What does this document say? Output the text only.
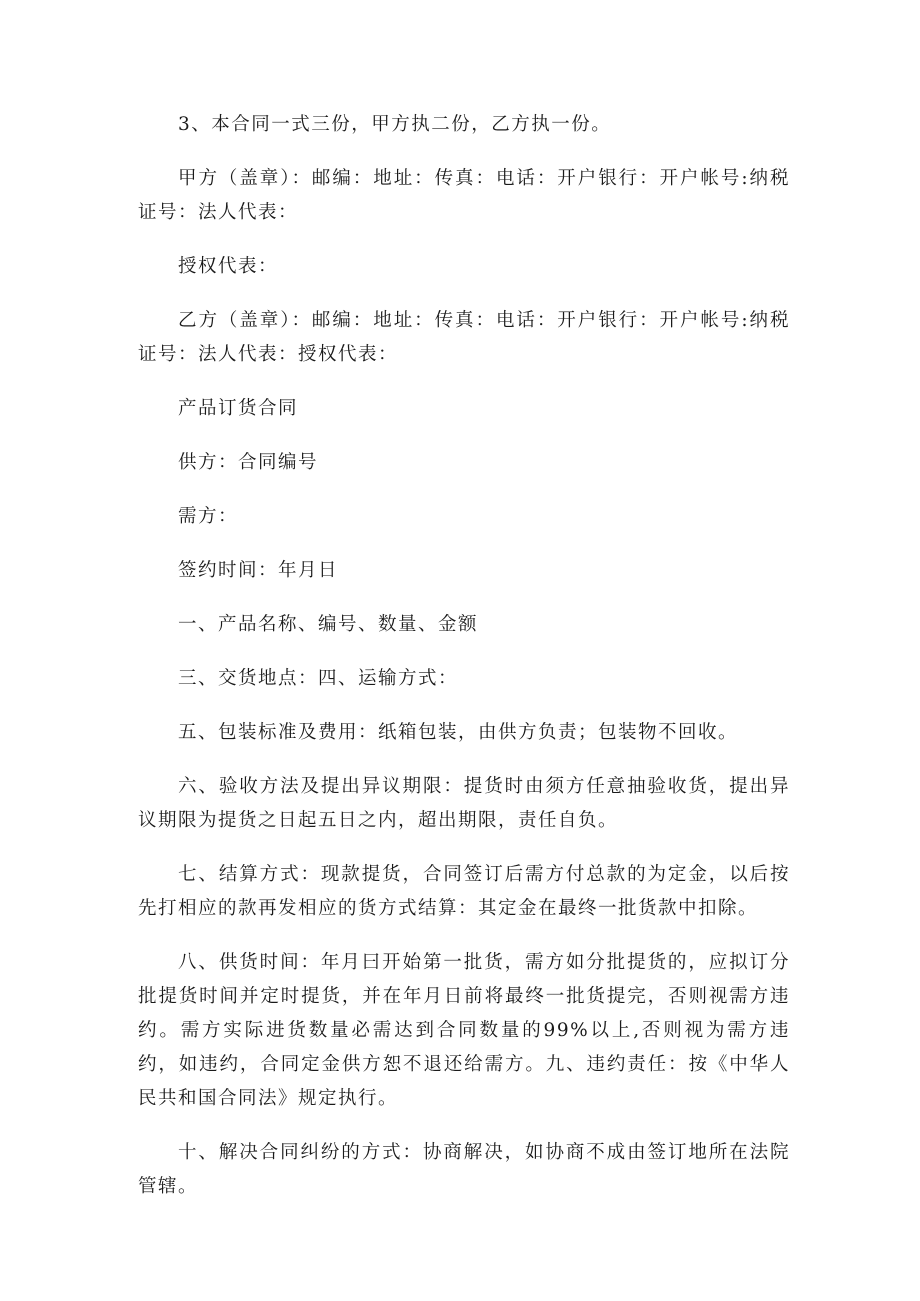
3、本合同一式三份，甲方执二份，乙方执一份。

甲方（盖章）：邮编：地址：传真：电话：开户银行：开户帐号:纳税证号：法人代表：

授权代表：

乙方（盖章）：邮编：地址：传真：电话：开户银行：开户帐号:纳税证号：法人代表：授权代表：

产品订货合同

供方：合同编号

需方：

签约时间：年月日

一、产品名称、编号、数量、金额

三、交货地点：四、运输方式：

五、包装标准及费用：纸箱包装，由供方负责；包装物不回收。

六、验收方法及提出异议期限：提货时由须方任意抽验收货，提出异议期限为提货之日起五日之内，超出期限，责任自负。

七、结算方式：现款提货，合同签订后需方付总款的为定金，以后按先打相应的款再发相应的货方式结算：其定金在最终一批货款中扣除。

八、供货时间：年月曰开始第一批货，需方如分批提货的，应拟订分批提货时间并定时提货，并在年月日前将最终一批货提完，否则视需方违约。需方实际进货数量必需达到合同数量的99%以上,否则视为需方违约，如违约，合同定金供方恕不退还给需方。九、违约责任：按《中华人民共和国合同法》规定执行。

十、解决合同纠纷的方式：协商解决，如协商不成由签订地所在法院管辖。
